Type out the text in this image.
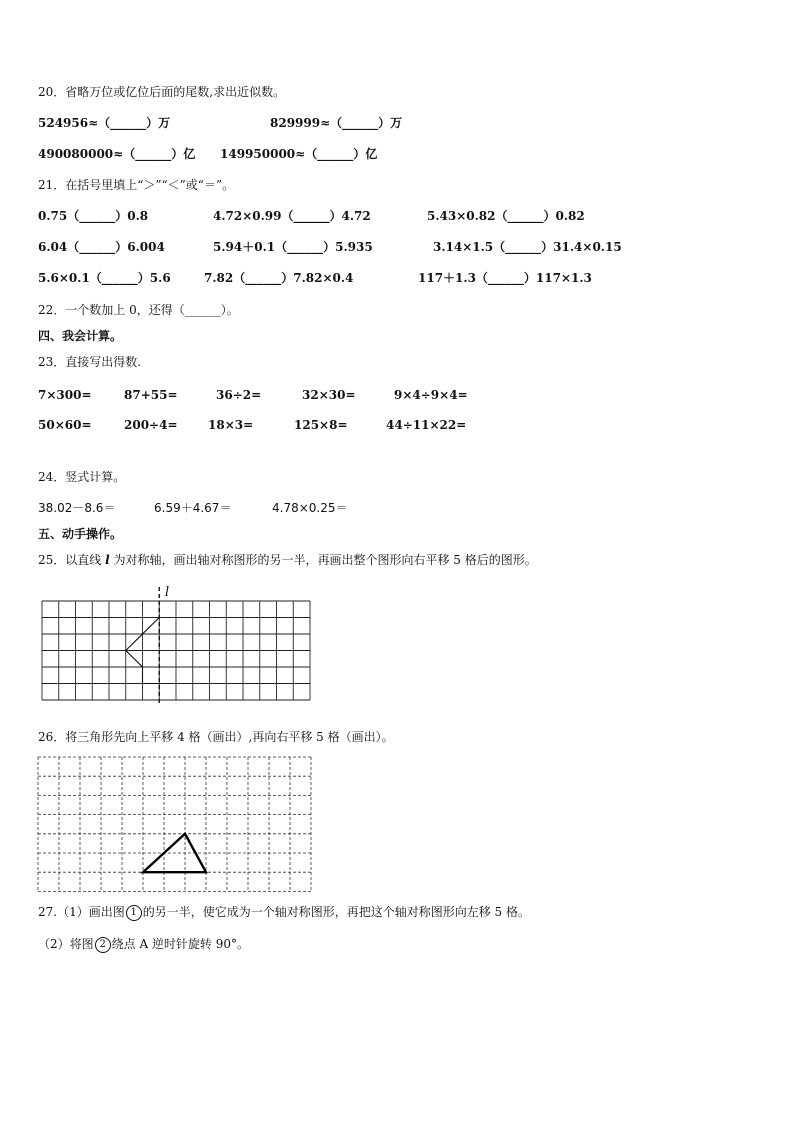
20．省略万位或亿位后面的尾数,求出近似数。
524956≈（______）万	829999≈（______）万
490080000≈（______）亿 149950000≈（______）亿
21．在括号里填上“＞”“＜”或“＝”。
0.75（______）0.8	4.72×0.99（______）4.72	5.43×0.82（______）0.82
6.04（______）6.004	5.94＋0.1（______）5.935	3.14×1.5（______）31.4×0.15
5.6×0.1（______）5.6	7.82（______）7.82×0.4	117＋1.3（______）117×1.3
22．一个数加上 0，还得（______）。
四、我会计算。
23．直接写出得数.
7×300=	87+55=	36÷2=	32×30=	9×4÷9×4=
50×60=	200÷4=	18×3=	125×8=	44÷11×22=
24．竖式计算。
38.02－8.6＝	6.59＋4.67＝	4.78×0.25＝
五、动手操作。
25．以直线 l 为对称轴，画出轴对称图形的另一半，再画出整个图形向右平移 5 格后的图形。
l
26．将三角形先向上平移 4 格（画出）,再向右平移 5 格（画出）。
27.（1）画出图 1 的另一半，使它成为一个轴对称图形，再把这个轴对称图形向左移 5 格。
（2）将图 2 绕点 A 逆时针旋转 90°。
